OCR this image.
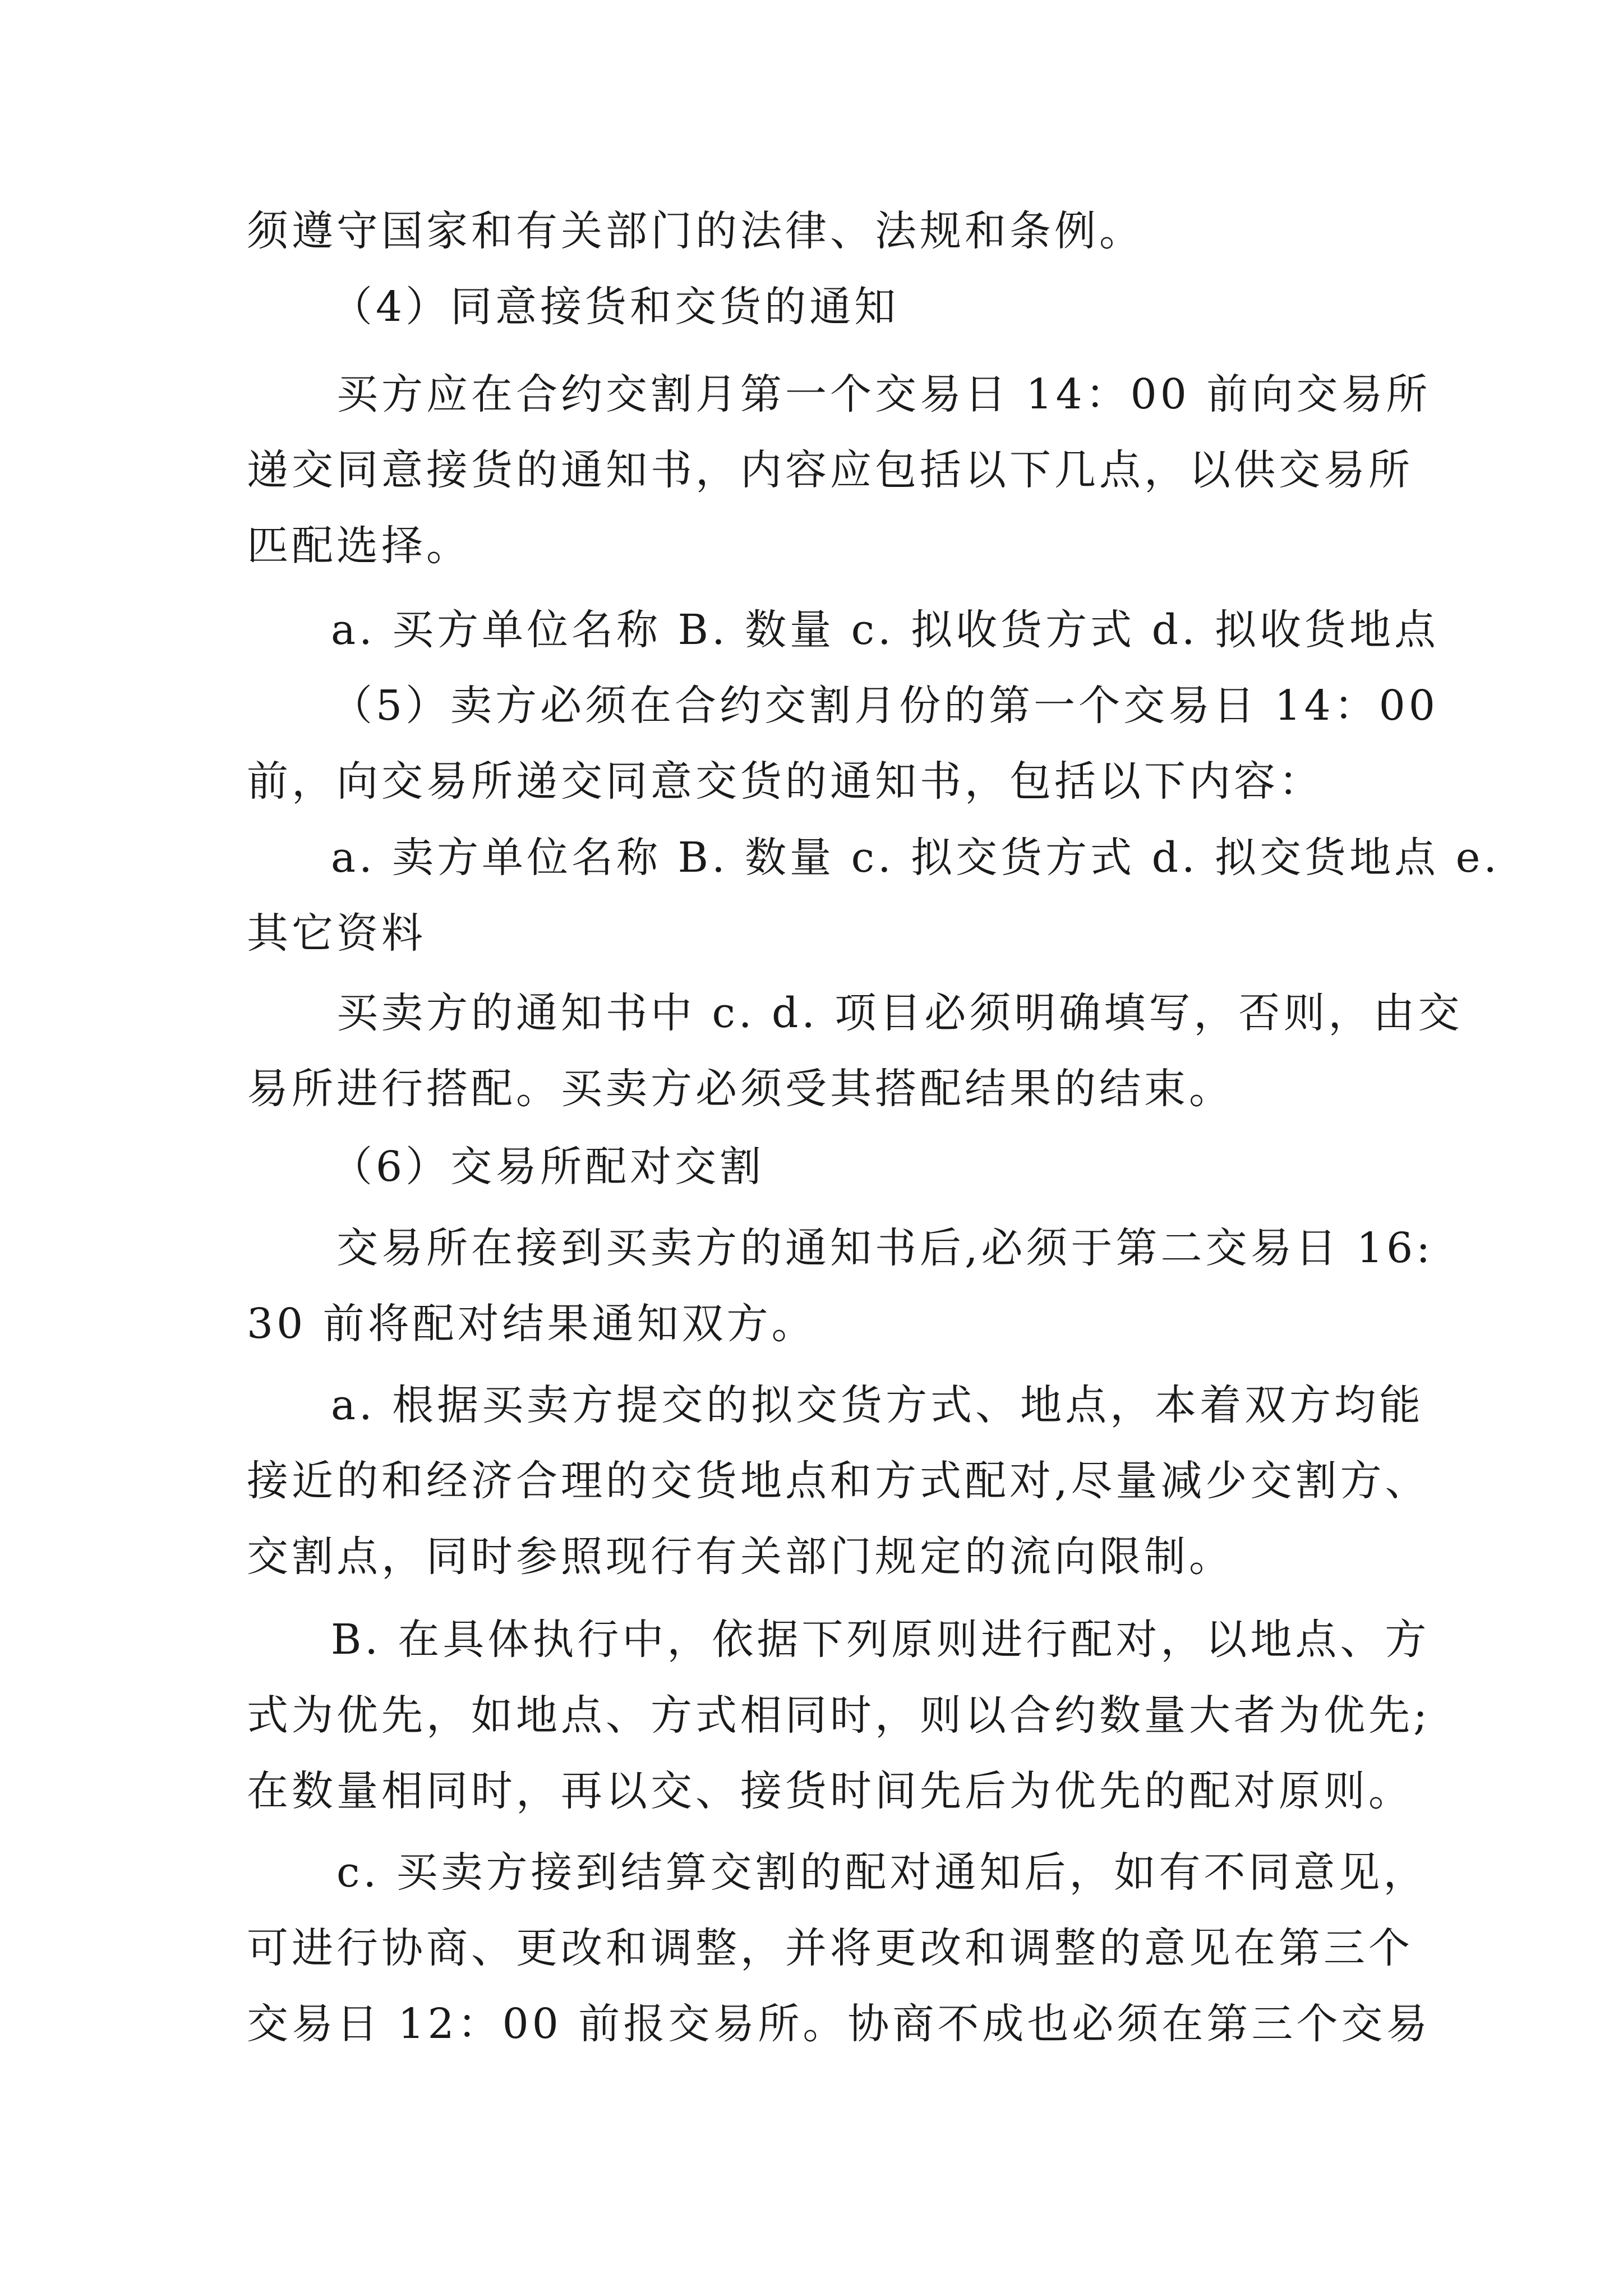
须遵守国家和有关部门的法律、法规和条例。
（4）同意接货和交货的通知
买方应在合约交割月第一个交易日 14：00 前向交易所
递交同意接货的通知书，内容应包括以下几点，以供交易所
匹配选择。
a. 买方单位名称 B. 数量 c. 拟收货方式 d. 拟收货地点
（5）卖方必须在合约交割月份的第一个交易日 14：00
前，向交易所递交同意交货的通知书，包括以下内容：
a. 卖方单位名称 B. 数量 c. 拟交货方式 d. 拟交货地点 e.
其它资料
买卖方的通知书中 c. d. 项目必须明确填写，否则，由交
易所进行搭配。买卖方必须受其搭配结果的结束。
（6）交易所配对交割
交易所在接到买卖方的通知书后,必须于第二交易日 16:
30 前将配对结果通知双方。
a. 根据买卖方提交的拟交货方式、地点，本着双方均能
接近的和经济合理的交货地点和方式配对,尽量减少交割方、
交割点，同时参照现行有关部门规定的流向限制。
B. 在具体执行中，依据下列原则进行配对，以地点、方
式为优先，如地点、方式相同时，则以合约数量大者为优先;
在数量相同时，再以交、接货时间先后为优先的配对原则。
c. 买卖方接到结算交割的配对通知后，如有不同意见，
可进行协商、更改和调整，并将更改和调整的意见在第三个
交易日 12：00 前报交易所。协商不成也必须在第三个交易
